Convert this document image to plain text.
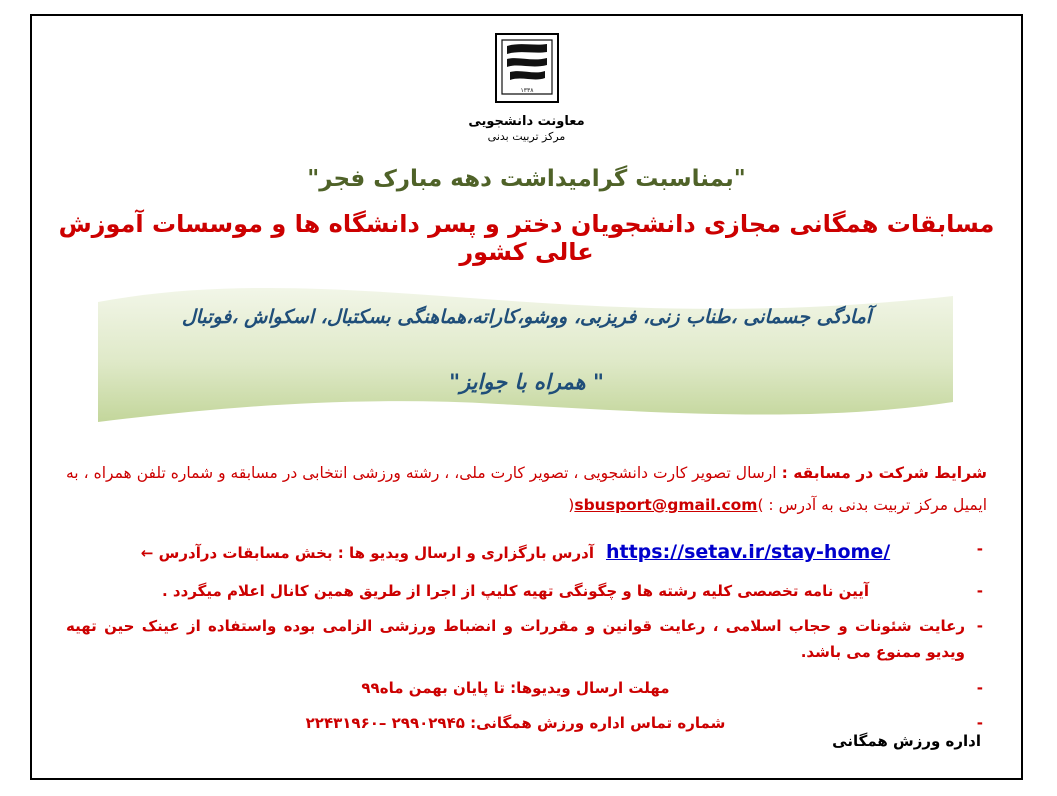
۱۳۳۸
معاونت دانشجویی
مرکز تربیت بدنی
"بمناسبت گرامیداشت دهه مبارک فجر"
مسابقات همگانی مجازی دانشجویان دختر و پسر دانشگاه ها و موسسات آموزش عالی کشور
آمادگی جسمانی ،طناب زنی، فریزبی، ووشو،کاراته،هماهنگی بسکتبال، اسکواش ،فوتبال
" همراه با جوایز"
شرایط شرکت در مسابقه : ارسال تصویر کارت دانشجویی ، تصویر کارت ملی، ، رشته ورزشی انتخابی در مسابقه و شماره تلفن همراه ، به ایمیل مرکز تربیت بدنی به آدرس : )sbusport@gmail.com(
- https://setav.ir/stay-home/
آدرس بارگزاری و ارسال ویدیو ها : بخش مسابقات درآدرس ←
- آیین نامه تخصصی کلیه رشته ها و چگونگی تهیه کلیپ از اجرا از طریق همین کانال اعلام میگردد .
- رعایت شئونات و حجاب اسلامی ، رعایت قوانین و مقررات و انضباط ورزشی الزامی بوده واستفاده از عینک حین تهیه ویدیو ممنوع می باشد.
- مهلت ارسال ویدیوها: تا پایان بهمن ماه۹۹
- شماره تماس اداره ورزش همگانی: ۲۹۹۰۲۹۴۵ –۲۲۴۳۱۹۶۰
اداره ورزش همگانی
